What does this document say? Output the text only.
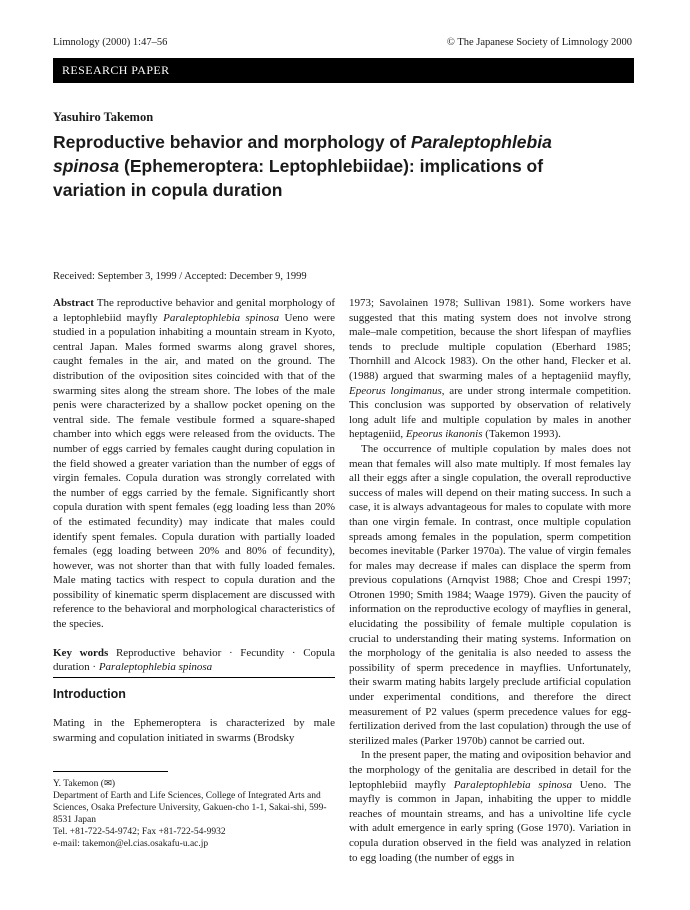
Limnology (2000) 1:47–56	© The Japanese Society of Limnology 2000
RESEARCH PAPER
Yasuhiro Takemon
Reproductive behavior and morphology of Paraleptophlebia spinosa (Ephemeroptera: Leptophlebiidae): implications of variation in copula duration
Received: September 3, 1999 / Accepted: December 9, 1999

Abstract The reproductive behavior and genital morphology of a leptophlebiid mayfly Paraleptophlebia spinosa Ueno were studied in a population inhabiting a mountain stream in Kyoto, central Japan. Males formed swarms along gravel shores, caught females in the air, and mated on the ground. The distribution of the oviposition sites coincided with that of the swarming sites along the stream shore. The lobes of the male penis were characterized by a shallow pocket opening on the ventral side. The female vestibule formed a square-shaped chamber into which eggs were released from the oviducts. The number of eggs carried by females caught during copulation in the field showed a greater variation than the number of eggs of virgin females. Copula duration was strongly correlated with the number of eggs carried by the female. Significantly short copula duration with spent females (egg loading less than 20% of the estimated fecundity) may indicate that males could identify spent females. Copula duration with partially loaded females (egg loading between 20% and 80% of fecundity), however, was not shorter than that with fully loaded females. Male mating tactics with respect to copula duration and the possibility of kinematic sperm displacement are discussed with reference to the behavioral and morphological characteristics of the species.

Key words Reproductive behavior · Fecundity · Copula duration · Paraleptophlebia spinosa

Introduction
Mating in the Ephemeroptera is characterized by male swarming and copulation initiated in swarms (Brodsky
Y. Takemon (✉)
Department of Earth and Life Sciences, College of Integrated Arts and Sciences, Osaka Prefecture University, Gakuen-cho 1-1, Sakai-shi, 599-8531 Japan
Tel. +81-722-54-9742; Fax +81-722-54-9932
e-mail: takemon@el.cias.osakafu-u.ac.jp

1973; Savolainen 1978; Sullivan 1981). Some workers have suggested that this mating system does not involve strong male–male competition, because the short lifespan of mayflies tends to preclude multiple copulation (Eberhard 1985; Thornhill and Alcock 1983). On the other hand, Flecker et al. (1988) argued that swarming males of a heptageniid mayfly, Epeorus longimanus, are under strong intermale competition. This conclusion was supported by observation of relatively long adult life and multiple copulation by males in another heptageniid, Epeorus ikanonis (Takemon 1993).

The occurrence of multiple copulation by males does not mean that females will also mate multiply. If most females lay all their eggs after a single copulation, the overall reproductive success of males will depend on their mating success. In such a case, it is always advantageous for males to copulate with more than one virgin female. In contrast, once multiple copulation spreads among females in the population, sperm competition becomes inevitable (Parker 1970a). The value of virgin females for males may decrease if males can displace the sperm from previous copulations (Arnqvist 1988; Choe and Crespi 1997; Otronen 1990; Smith 1984; Waage 1979). Given the paucity of information on the reproductive ecology of mayflies in general, elucidating the possibility of female multiple copulation is crucial to understanding their mating systems. Information on the morphology of the genitalia is also needed to assess the possibility of sperm precedence in mayflies. Unfortunately, their swarm mating habits largely preclude artificial copulation under experimental conditions, and therefore the direct measurement of P2 values (sperm precedence values for egg-fertilization derived from the last copulation) through the use of sterilized males (Parker 1970b) cannot be carried out.

In the present paper, the mating and oviposition behavior and the morphology of the genitalia are described in detail for the leptophlebiid mayfly Paraleptophlebia spinosa Ueno. The mayfly is common in Japan, inhabiting the upper to middle reaches of mountain streams, and has a univoltine life cycle with adult emergence in early spring (Gose 1970). Variation in copula duration observed in the field was analyzed in relation to egg loading (the number of eggs in
